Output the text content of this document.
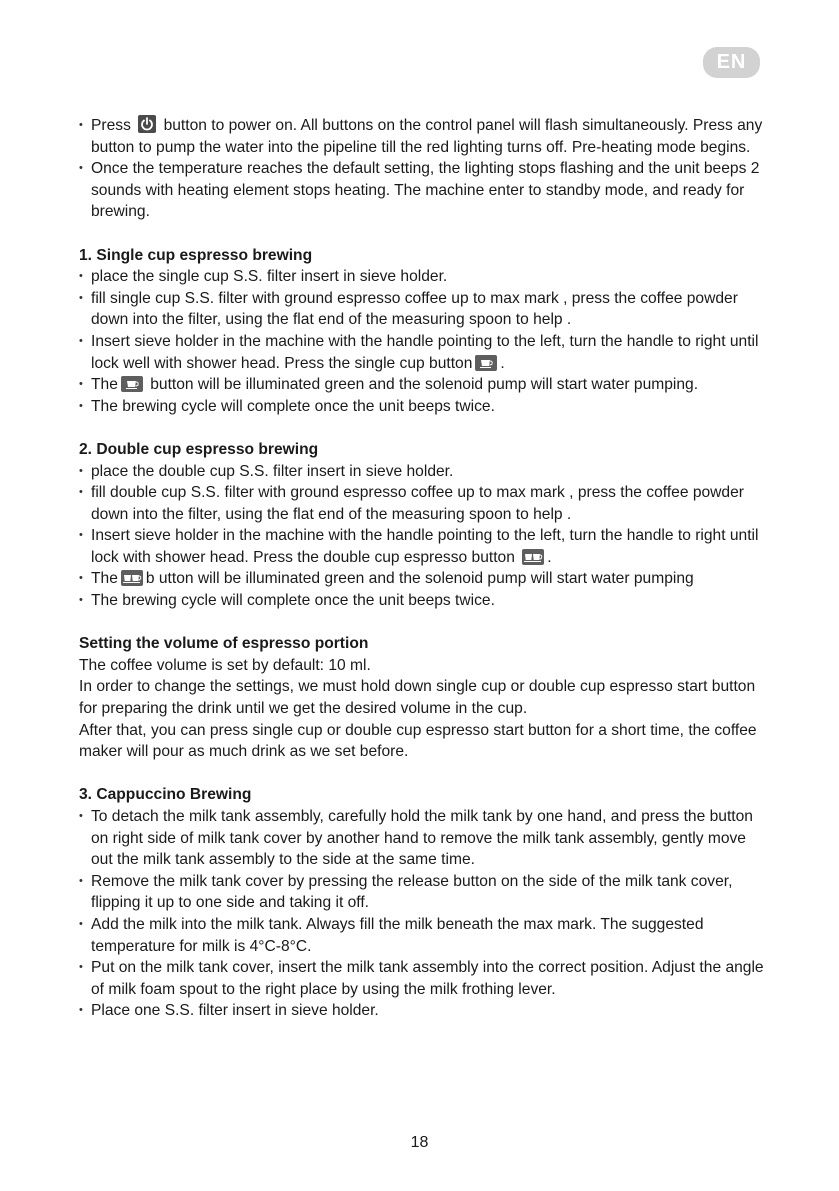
EN
• Press button to power on. All buttons on the control panel will flash simultaneously. Press any button to pump the water into the pipeline till the red lighting turns off. Pre-heating mode begins.
• Once the temperature reaches the default setting, the lighting stops flashing and the unit beeps 2 sounds with heating element stops heating. The machine enter to standby mode, and ready for brewing.
1. Single cup espresso brewing
• place the single cup S.S. filter insert in sieve holder.
• fill single cup S.S. filter with ground espresso coffee up to max mark , press the coffee powder down into the filter, using the flat end of the measuring spoon to help .
• Insert sieve holder in the machine with the handle pointing to the left, turn the handle to right until lock well with shower head. Press the single cup button .
• The button will be illuminated green and the solenoid pump will start water pumping.
• The brewing cycle will complete once the unit beeps twice.
2. Double cup espresso brewing
• place the double cup S.S. filter insert in sieve holder.
• fill double cup S.S. filter with ground espresso coffee up to max mark , press the coffee powder down into the filter, using the flat end of the measuring spoon to help .
• Insert sieve holder in the machine with the handle pointing to the left, turn the handle to right until lock with shower head. Press the double cup espresso button .
• The b utton will be illuminated green and the solenoid pump will start water pumping
• The brewing cycle will complete once the unit beeps twice.
Setting the volume of espresso portion

The coffee volume is set by default: 10 ml.

In order to change the settings, we must hold down single cup or double cup espresso start button for preparing the drink until we get the desired volume in the cup.

After that, you can press single cup or double cup espresso start button for a short time, the coffee maker will pour as much drink as we set before.

3. Cappuccino Brewing
• To detach the milk tank assembly, carefully hold the milk tank by one hand, and press the button on right side of milk tank cover by another hand to remove the milk tank assembly, gently move out the milk tank assembly to the side at the same time.
• Remove the milk tank cover by pressing the release button on the side of the milk tank cover, flipping it up to one side and taking it off.
• Add the milk into the milk tank. Always fill the milk beneath the max mark. The suggested temperature for milk is 4°C-8°C.
• Put on the milk tank cover, insert the milk tank assembly into the correct position. Adjust the angle of milk foam spout to the right place by using the milk frothing lever.
• Place one S.S. filter insert in sieve holder.
18
